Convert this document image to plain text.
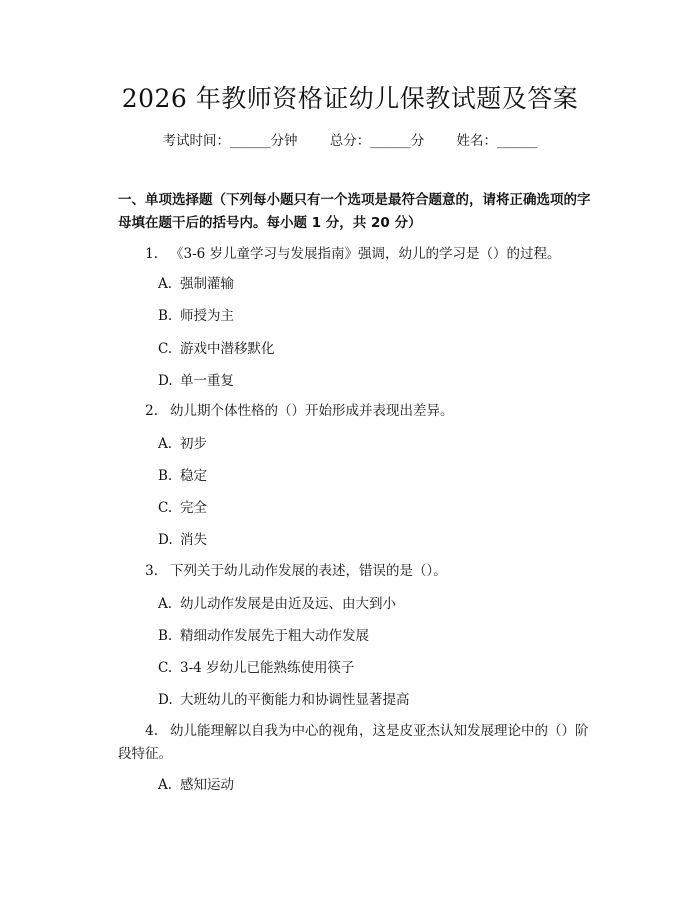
2026 年教师资格证幼儿保教试题及答案
考试时间：______分钟 总分：______分 姓名：______
一、单项选择题（下列每小题只有一个选项是最符合题意的，请将正确选项的字母填在题干后的括号内。每小题 1 分，共 20 分）
1. 《3-6 岁儿童学习与发展指南》强调，幼儿的学习是（）的过程。
A. 强制灌输
B. 师授为主
C. 游戏中潜移默化
D. 单一重复
2. 幼儿期个体性格的（）开始形成并表现出差异。
A. 初步
B. 稳定
C. 完全
D. 消失
3. 下列关于幼儿动作发展的表述，错误的是（）。
A. 幼儿动作发展是由近及远、由大到小
B. 精细动作发展先于粗大动作发展
C. 3-4 岁幼儿已能熟练使用筷子
D. 大班幼儿的平衡能力和协调性显著提高
4. 幼儿能理解以自我为中心的视角，这是皮亚杰认知发展理论中的（）阶段特征。
A. 感知运动
